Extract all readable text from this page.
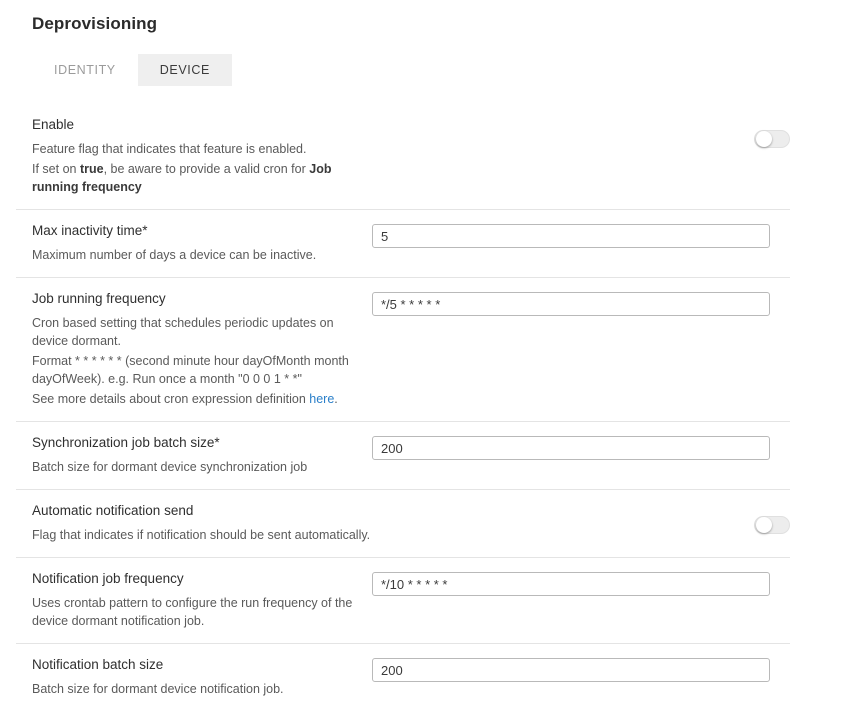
Deprovisioning
IDENTITY	DEVICE
Enable
Feature flag that indicates that feature is enabled.
If set on true, be aware to provide a valid cron for Job running frequency
Max inactivity time*
Maximum number of days a device can be inactive.
5
Job running frequency
Cron based setting that schedules periodic updates on device dormant.
Format * * * * * * (second minute hour dayOfMonth month dayOfWeek). e.g. Run once a month "0 0 0 1 * *"
See more details about cron expression definition here.
*/5 * * * * *
Synchronization job batch size*
Batch size for dormant device synchronization job
200
Automatic notification send
Flag that indicates if notification should be sent automatically.
Notification job frequency
Uses crontab pattern to configure the run frequency of the device dormant notification job.
*/10 * * * * *
Notification batch size
Batch size for dormant device notification job.
200
